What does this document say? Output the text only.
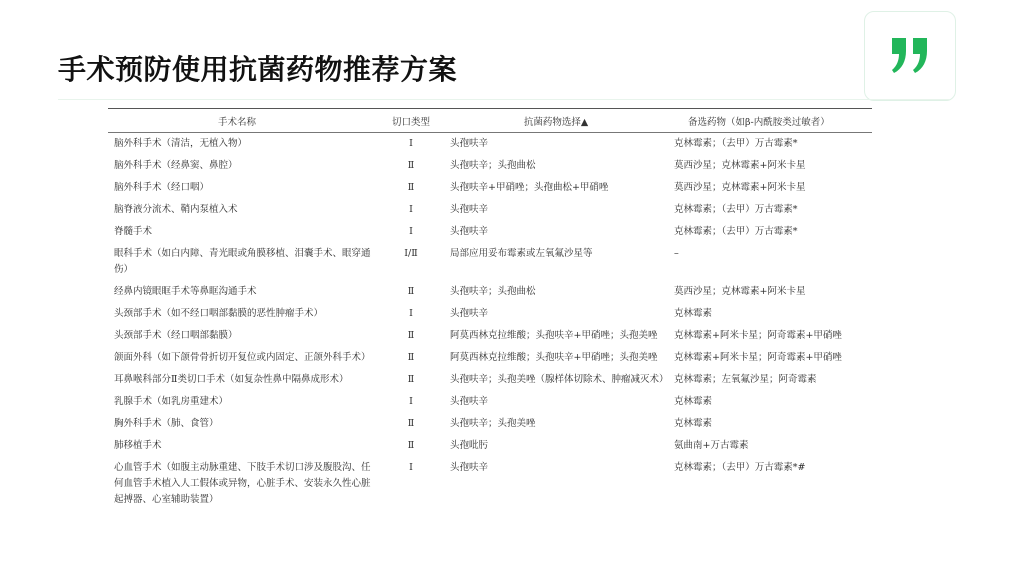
手术预防使用抗菌药物推荐方案
手术名称	切口类型	抗菌药物选择▲	备选药物（如β-内酰胺类过敏者）
脑外科手术（清洁，无植入物）	Ⅰ	头孢呋辛	克林霉素；（去甲）万古霉素*
脑外科手术（经鼻窦、鼻腔）	Ⅱ	头孢呋辛；头孢曲松	莫西沙星；克林霉素+阿米卡星
脑外科手术（经口咽）	Ⅱ	头孢呋辛+甲硝唑；头孢曲松+甲硝唑	莫西沙星；克林霉素+阿米卡星
脑脊液分流术、鞘内泵植入术	Ⅰ	头孢呋辛	克林霉素；（去甲）万古霉素*
脊髓手术	Ⅰ	头孢呋辛	克林霉素；（去甲）万古霉素*
眼科手术（如白内障、青光眼或角膜移植、泪囊手术、眼穿通伤）	Ⅰ/Ⅱ	局部应用妥布霉素或左氧氟沙星等	–
经鼻内镜眼眶手术等鼻眶沟通手术	Ⅱ	头孢呋辛；头孢曲松	莫西沙星；克林霉素+阿米卡星
头颈部手术（如不经口咽部黏膜的恶性肿瘤手术）	Ⅰ	头孢呋辛	克林霉素
头颈部手术（经口咽部黏膜）	Ⅱ	阿莫西林克拉维酸；头孢呋辛+甲硝唑；头孢美唑	克林霉素+阿米卡星；阿奇霉素+甲硝唑
颌面外科（如下颌骨骨折切开复位或内固定、正颌外科手术）	Ⅱ	阿莫西林克拉维酸；头孢呋辛+甲硝唑；头孢美唑	克林霉素+阿米卡星；阿奇霉素+甲硝唑
耳鼻喉科部分Ⅱ类切口手术（如复杂性鼻中隔鼻成形术）	Ⅱ	头孢呋辛；头孢美唑（腺样体切除术、肿瘤减灭术）	克林霉素；左氧氟沙星；阿奇霉素
乳腺手术（如乳房重建术）	Ⅰ	头孢呋辛	克林霉素
胸外科手术（肺、食管）	Ⅱ	头孢呋辛；头孢美唑	克林霉素
肺移植手术	Ⅱ	头孢吡肟	氨曲南+万古霉素
心血管手术（如腹主动脉重建、下肢手术切口涉及腹股沟、任何血管手术植入人工假体或异物，心脏手术、安装永久性心脏起搏器、心室辅助装置）	Ⅰ	头孢呋辛	克林霉素；（去甲）万古霉素*#
